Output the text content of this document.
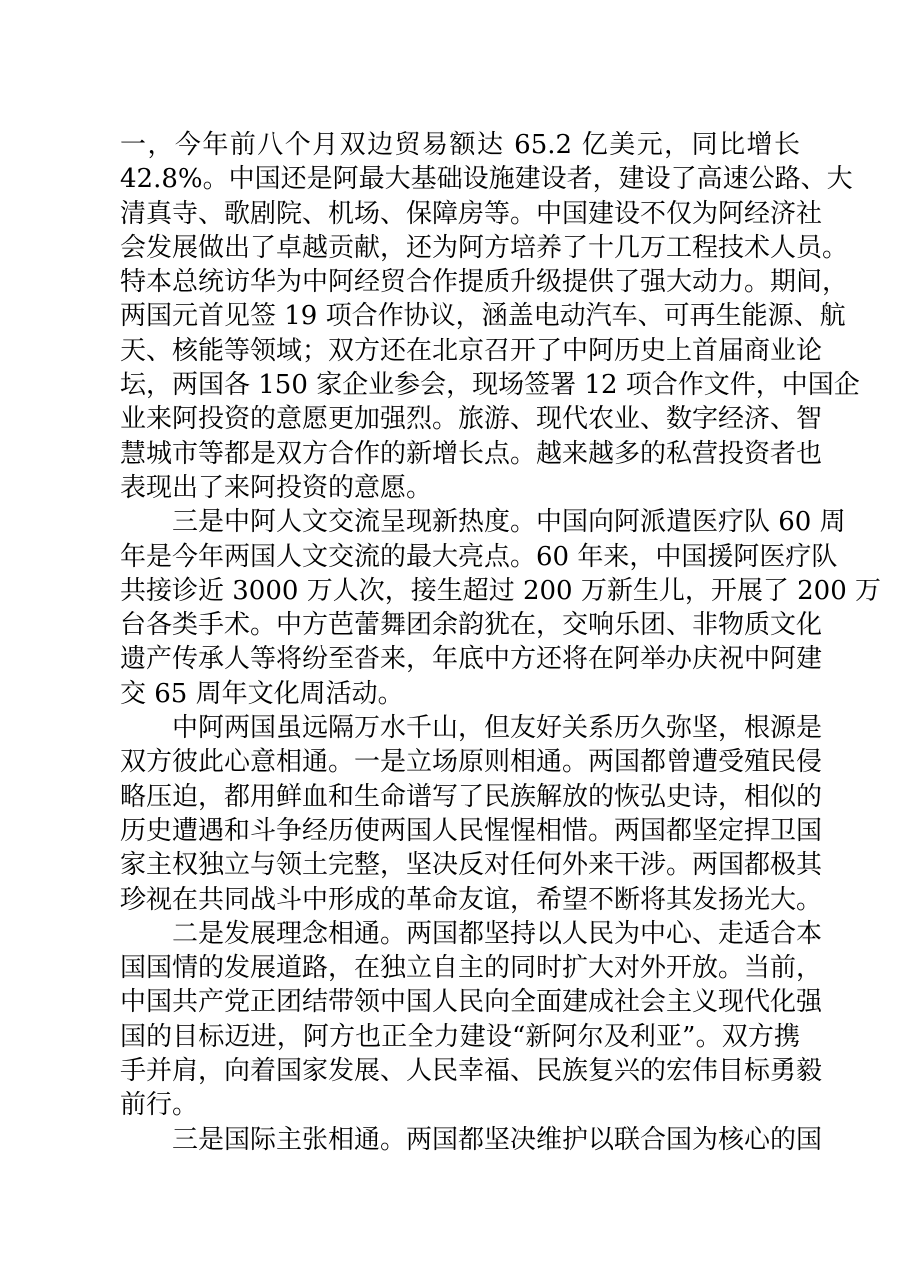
一，今年前八个月双边贸易额达 65.2 亿美元，同比增长
42.8%。中国还是阿最大基础设施建设者，建设了高速公路、大
清真寺、歌剧院、机场、保障房等。中国建设不仅为阿经济社
会发展做出了卓越贡献，还为阿方培养了十几万工程技术人员。
特本总统访华为中阿经贸合作提质升级提供了强大动力。期间，
两国元首见签 19 项合作协议，涵盖电动汽车、可再生能源、航
天、核能等领域；双方还在北京召开了中阿历史上首届商业论
坛，两国各 150 家企业参会，现场签署 12 项合作文件，中国企
业来阿投资的意愿更加强烈。旅游、现代农业、数字经济、智
慧城市等都是双方合作的新增长点。越来越多的私营投资者也
表现出了来阿投资的意愿。
三是中阿人文交流呈现新热度。中国向阿派遣医疗队 60 周
年是今年两国人文交流的最大亮点。60 年来，中国援阿医疗队
共接诊近 3000 万人次，接生超过 200 万新生儿，开展了 200 万
台各类手术。中方芭蕾舞团余韵犹在，交响乐团、非物质文化
遗产传承人等将纷至沓来，年底中方还将在阿举办庆祝中阿建
交 65 周年文化周活动。
中阿两国虽远隔万水千山，但友好关系历久弥坚，根源是
双方彼此心意相通。一是立场原则相通。两国都曾遭受殖民侵
略压迫，都用鲜血和生命谱写了民族解放的恢弘史诗，相似的
历史遭遇和斗争经历使两国人民惺惺相惜。两国都坚定捍卫国
家主权独立与领土完整，坚决反对任何外来干涉。两国都极其
珍视在共同战斗中形成的革命友谊，希望不断将其发扬光大。
二是发展理念相通。两国都坚持以人民为中心、走适合本
国国情的发展道路，在独立自主的同时扩大对外开放。当前，
中国共产党正团结带领中国人民向全面建成社会主义现代化强
国的目标迈进，阿方也正全力建设“新阿尔及利亚”。双方携
手并肩，向着国家发展、人民幸福、民族复兴的宏伟目标勇毅
前行。
三是国际主张相通。两国都坚决维护以联合国为核心的国
